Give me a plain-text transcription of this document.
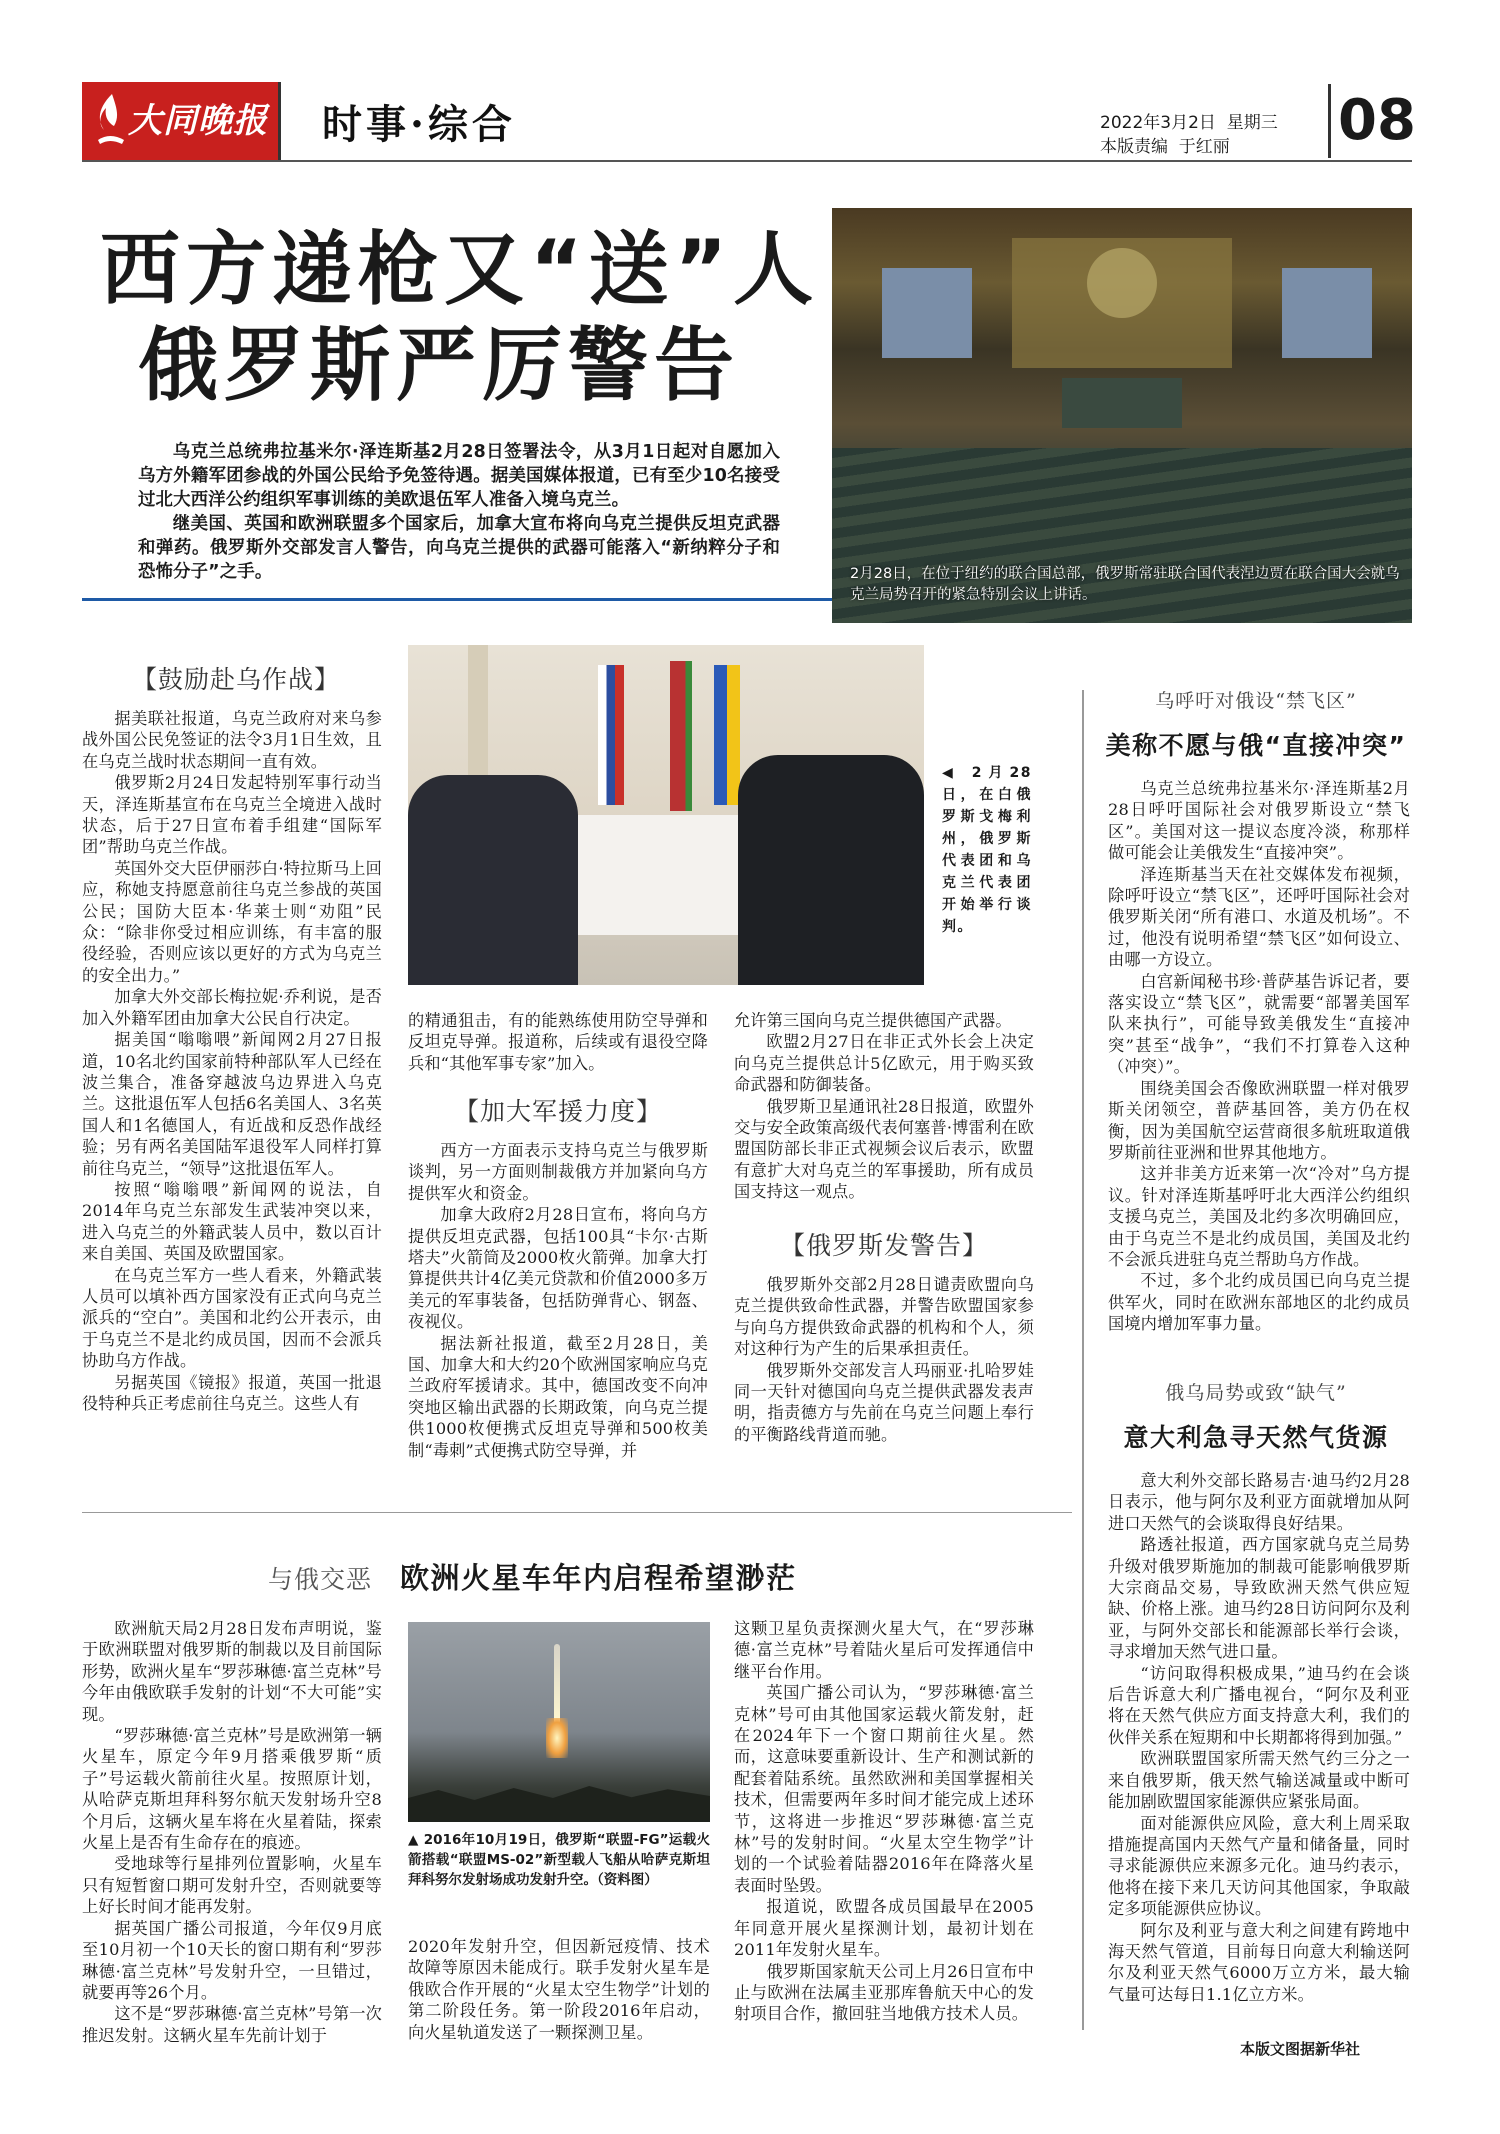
大同晚报 时事·综合	2022年3月2日  星期三
本版责编  于红丽 08
西方递枪又“送”人
俄罗斯严厉警告

乌克兰总统弗拉基米尔·泽连斯基2月28日签署法令，从3月1日起对自愿加入乌方外籍军团参战的外国公民给予免签待遇。据美国媒体报道，已有至少10名接受过北大西洋公约组织军事训练的美欧退伍军人准备入境乌克兰。

继美国、英国和欧洲联盟多个国家后，加拿大宣布将向乌克兰提供反坦克武器和弹药。俄罗斯外交部发言人警告，向乌克兰提供的武器可能落入“新纳粹分子和恐怖分子”之手。	2月28日，在位于纽约的联合国总部，俄罗斯常驻联合国代表涅边贾在联合国大会就乌克兰局势召开的紧急特别会议上讲话。
【鼓励赴乌作战】

据美联社报道，乌克兰政府对来乌参战外国公民免签证的法令3月1日生效，且在乌克兰战时状态期间一直有效。

俄罗斯2月24日发起特别军事行动当天，泽连斯基宣布在乌克兰全境进入战时状态，后于27日宣布着手组建“国际军团”帮助乌克兰作战。

英国外交大臣伊丽莎白·特拉斯马上回应，称她支持愿意前往乌克兰参战的英国公民；国防大臣本·华莱士则“劝阻”民众：“除非你受过相应训练，有丰富的服役经验，否则应该以更好的方式为乌克兰的安全出力。”

加拿大外交部长梅拉妮·乔利说，是否加入外籍军团由加拿大公民自行决定。

据美国“嗡嗡喂”新闻网2月27日报道，10名北约国家前特种部队军人已经在波兰集合，准备穿越波乌边界进入乌克兰。这批退伍军人包括6名美国人、3名英国人和1名德国人，有近战和反恐作战经验；另有两名美国陆军退役军人同样打算前往乌克兰，“领导”这批退伍军人。

按照“嗡嗡喂”新闻网的说法，自2014年乌克兰东部发生武装冲突以来，进入乌克兰的外籍武装人员中，数以百计来自美国、英国及欧盟国家。

在乌克兰军方一些人看来，外籍武装人员可以填补西方国家没有正式向乌克兰派兵的“空白”。美国和北约公开表示，由于乌克兰不是北约成员国，因而不会派兵协助乌方作战。

另据英国《镜报》报道，英国一批退役特种兵正考虑前往乌克兰。这些人有

◀ 2月28日，在白俄罗斯戈梅利州，俄罗斯代表团和乌克兰代表团开始举行谈判。

的精通狙击，有的能熟练使用防空导弹和反坦克导弹。报道称，后续或有退役空降兵和“其他军事专家”加入。

【加大军援力度】

西方一方面表示支持乌克兰与俄罗斯谈判，另一方面则制裁俄方并加紧向乌方提供军火和资金。

加拿大政府2月28日宣布，将向乌方提供反坦克武器，包括100具“卡尔·古斯塔夫”火箭筒及2000枚火箭弹。加拿大打算提供共计4亿美元贷款和价值2000多万美元的军事装备，包括防弹背心、钢盔、夜视仪。

据法新社报道，截至2月28日，美国、加拿大和大约20个欧洲国家响应乌克兰政府军援请求。其中，德国改变不向冲突地区输出武器的长期政策，向乌克兰提供1000枚便携式反坦克导弹和500枚美制“毒刺”式便携式防空导弹，并

允许第三国向乌克兰提供德国产武器。

欧盟2月27日在非正式外长会上决定向乌克兰提供总计5亿欧元，用于购买致命武器和防御装备。

俄罗斯卫星通讯社28日报道，欧盟外交与安全政策高级代表何塞普·博雷利在欧盟国防部长非正式视频会议后表示，欧盟有意扩大对乌克兰的军事援助，所有成员国支持这一观点。

【俄罗斯发警告】

俄罗斯外交部2月28日谴责欧盟向乌克兰提供致命性武器，并警告欧盟国家参与向乌方提供致命武器的机构和个人，须对这种行为产生的后果承担责任。

俄罗斯外交部发言人玛丽亚·扎哈罗娃同一天针对德国向乌克兰提供武器发表声明，指责德方与先前在乌克兰问题上奉行的平衡路线背道而驰。

乌呼吁对俄设“禁飞区”
美称不愿与俄“直接冲突”

乌克兰总统弗拉基米尔·泽连斯基2月28日呼吁国际社会对俄罗斯设立“禁飞区”。美国对这一提议态度冷淡，称那样做可能会让美俄发生“直接冲突”。

泽连斯基当天在社交媒体发布视频，除呼吁设立“禁飞区”，还呼吁国际社会对俄罗斯关闭“所有港口、水道及机场”。不过，他没有说明希望“禁飞区”如何设立、由哪一方设立。

白宫新闻秘书珍·普萨基告诉记者，要落实设立“禁飞区”，就需要“部署美国军队来执行”，可能导致美俄发生“直接冲突”甚至“战争”，“我们不打算卷入这种（冲突）”。

围绕美国会否像欧洲联盟一样对俄罗斯关闭领空，普萨基回答，美方仍在权衡，因为美国航空运营商很多航班取道俄罗斯前往亚洲和世界其他地方。

这并非美方近来第一次“冷对”乌方提议。针对泽连斯基呼吁北大西洋公约组织支援乌克兰，美国及北约多次明确回应，由于乌克兰不是北约成员国，美国及北约不会派兵进驻乌克兰帮助乌方作战。

不过，多个北约成员国已向乌克兰提供军火，同时在欧洲东部地区的北约成员国境内增加军事力量。

俄乌局势或致“缺气”
意大利急寻天然气货源

意大利外交部长路易吉·迪马约2月28日表示，他与阿尔及利亚方面就增加从阿进口天然气的会谈取得良好结果。

路透社报道，西方国家就乌克兰局势升级对俄罗斯施加的制裁可能影响俄罗斯大宗商品交易，导致欧洲天然气供应短缺、价格上涨。迪马约28日访问阿尔及利亚，与阿外交部长和能源部长举行会谈，寻求增加天然气进口量。

“访问取得积极成果，”迪马约在会谈后告诉意大利广播电视台，“阿尔及利亚将在天然气供应方面支持意大利，我们的伙伴关系在短期和中长期都将得到加强。”

欧洲联盟国家所需天然气约三分之一来自俄罗斯，俄天然气输送减量或中断可能加剧欧盟国家能源供应紧张局面。

面对能源供应风险，意大利上周采取措施提高国内天然气产量和储备量，同时寻求能源供应来源多元化。迪马约表示，他将在接下来几天访问其他国家，争取敲定多项能源供应协议。

阿尔及利亚与意大利之间建有跨地中海天然气管道，目前每日向意大利输送阿尔及利亚天然气6000万立方米，最大输气量可达每日1.1亿立方米。

本版文图据新华社
与俄交恶 欧洲火星车年内启程希望渺茫

欧洲航天局2月28日发布声明说，鉴于欧洲联盟对俄罗斯的制裁以及目前国际形势，欧洲火星车“罗莎琳德·富兰克林”号今年由俄欧联手发射的计划“不大可能”实现。

“罗莎琳德·富兰克林”号是欧洲第一辆火星车，原定今年9月搭乘俄罗斯“质子”号运载火箭前往火星。按照原计划，从哈萨克斯坦拜科努尔航天发射场升空8个月后，这辆火星车将在火星着陆，探索火星上是否有生命存在的痕迹。

受地球等行星排列位置影响，火星车只有短暂窗口期可发射升空，否则就要等上好长时间才能再发射。

据英国广播公司报道，今年仅9月底至10月初一个10天长的窗口期有利“罗莎琳德·富兰克林”号发射升空，一旦错过，就要再等26个月。

这不是“罗莎琳德·富兰克林”号第一次推迟发射。这辆火星车先前计划于

▲ 2016年10月19日，俄罗斯“联盟-FG”运载火箭搭载“联盟MS-02”新型载人飞船从哈萨克斯坦拜科努尔发射场成功发射升空。（资料图）

2020年发射升空，但因新冠疫情、技术故障等原因未能成行。联手发射火星车是俄欧合作开展的“火星太空生物学”计划的第二阶段任务。第一阶段2016年启动，向火星轨道发送了一颗探测卫星。

这颗卫星负责探测火星大气，在“罗莎琳德·富兰克林”号着陆火星后可发挥通信中继平台作用。

英国广播公司认为，“罗莎琳德·富兰克林”号可由其他国家运载火箭发射，赶在2024年下一个窗口期前往火星。然而，这意味要重新设计、生产和测试新的配套着陆系统。虽然欧洲和美国掌握相关技术，但需要两年多时间才能完成上述环节，这将进一步推迟“罗莎琳德·富兰克林”号的发射时间。“火星太空生物学”计划的一个试验着陆器2016年在降落火星表面时坠毁。

报道说，欧盟各成员国最早在2005年同意开展火星探测计划，最初计划在2011年发射火星车。

俄罗斯国家航天公司上月26日宣布中止与欧洲在法属圭亚那库鲁航天中心的发射项目合作，撤回驻当地俄方技术人员。
